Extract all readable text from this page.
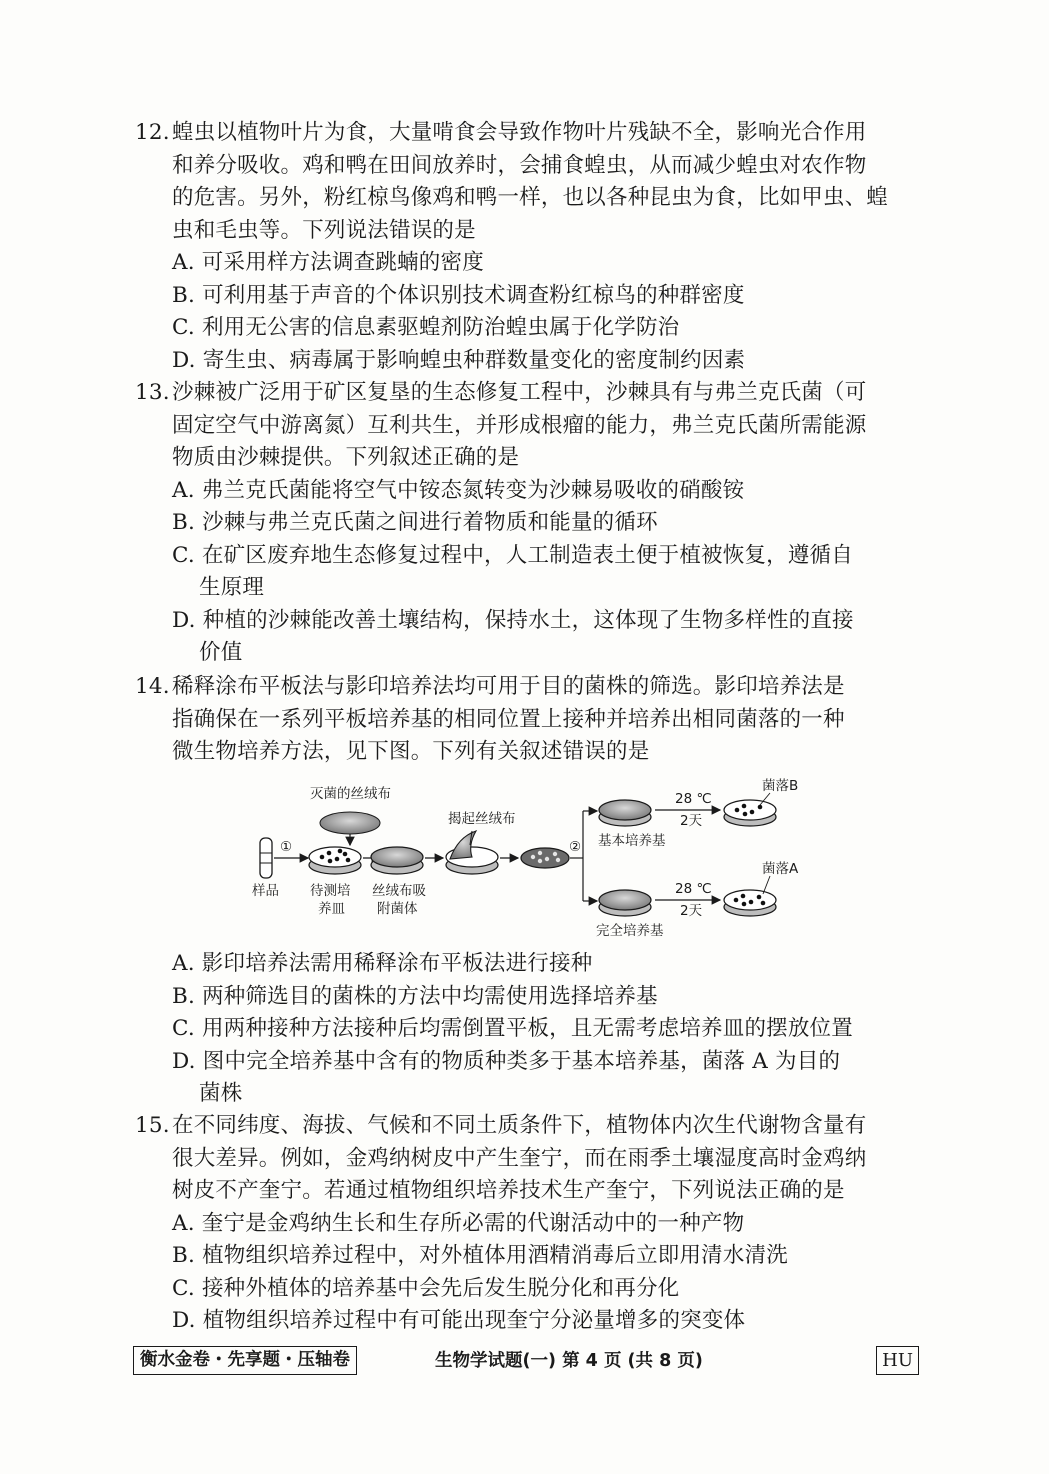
12. 蝗虫以植物叶片为食，大量啃食会导致作物叶片残缺不全，影响光合作用
和养分吸收。鸡和鸭在田间放养时，会捕食蝗虫，从而减少蝗虫对农作物
的危害。另外，粉红椋鸟像鸡和鸭一样，也以各种昆虫为食，比如甲虫、蝗
虫和毛虫等。下列说法错误的是
A. 可采用样方法调查跳蝻的密度
B. 可利用基于声音的个体识别技术调查粉红椋鸟的种群密度
C. 利用无公害的信息素驱蝗剂防治蝗虫属于化学防治
D. 寄生虫、病毒属于影响蝗虫种群数量变化的密度制约因素
13. 沙棘被广泛用于矿区复垦的生态修复工程中，沙棘具有与弗兰克氏菌（可
固定空气中游离氮）互利共生，并形成根瘤的能力，弗兰克氏菌所需能源
物质由沙棘提供。下列叙述正确的是
A. 弗兰克氏菌能将空气中铵态氮转变为沙棘易吸收的硝酸铵
B. 沙棘与弗兰克氏菌之间进行着物质和能量的循环
C. 在矿区废弃地生态修复过程中，人工制造表土便于植被恢复，遵循自
生原理
D. 种植的沙棘能改善土壤结构，保持水土，这体现了生物多样性的直接
价值
14. 稀释涂布平板法与影印培养法均可用于目的菌株的筛选。影印培养法是
指确保在一系列平板培养基的相同位置上接种并培养出相同菌落的一种
微生物培养方法，见下图。下列有关叙述错误的是
样品
①
待测培
养皿
灭菌的丝绒布
丝绒布吸
附菌体
揭起丝绒布
② 基本培养基
完全培养基
28 ℃
2天
28 ℃
2天
菌落B
菌落A
A. 影印培养法需用稀释涂布平板法进行接种
B. 两种筛选目的菌株的方法中均需使用选择培养基
C. 用两种接种方法接种后均需倒置平板，且无需考虑培养皿的摆放位置
D. 图中完全培养基中含有的物质种类多于基本培养基，菌落 A 为目的
菌株
15. 在不同纬度、海拔、气候和不同土质条件下，植物体内次生代谢物含量有
很大差异。例如，金鸡纳树皮中产生奎宁，而在雨季土壤湿度高时金鸡纳
树皮不产奎宁。若通过植物组织培养技术生产奎宁，下列说法正确的是
A. 奎宁是金鸡纳生长和生存所必需的代谢活动中的一种产物
B. 植物组织培养过程中，对外植体用酒精消毒后立即用清水清洗
C. 接种外植体的培养基中会先后发生脱分化和再分化
D. 植物组织培养过程中有可能出现奎宁分泌量增多的突变体
衡水金卷・先享题・压轴卷	生物学试题(一) 第 4 页 (共 8 页)	HU
